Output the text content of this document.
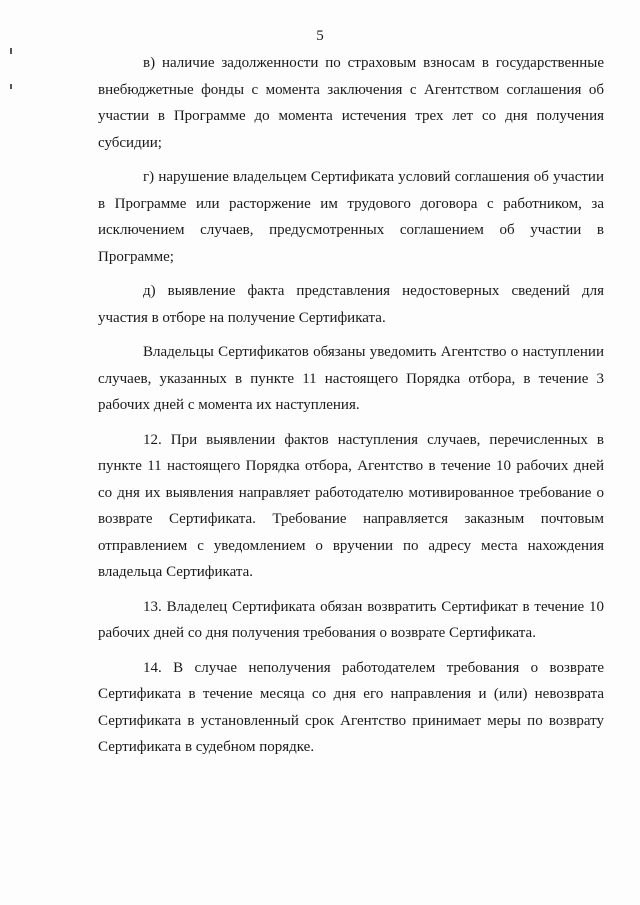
5

в) наличие задолженности по страховым взносам в государственные внебюджетные фонды с момента заключения с Агентством соглашения об участии в Программе до момента истечения трех лет со дня получения субсидии;

г) нарушение владельцем Сертификата условий соглашения об участии в Программе или расторжение им трудового договора с работником, за исключением случаев, предусмотренных соглашением об участии в Программе;

д) выявление факта представления недостоверных сведений для участия в отборе на получение Сертификата.

Владельцы Сертификатов обязаны уведомить Агентство о наступлении случаев, указанных в пункте 11 настоящего Порядка отбора, в течение 3 рабочих дней с момента их наступления.

12. При выявлении фактов наступления случаев, перечисленных в пункте 11 настоящего Порядка отбора, Агентство в течение 10 рабочих дней со дня их выявления направляет работодателю мотивированное требование о возврате Сертификата. Требование направляется заказным почтовым отправлением с уведомлением о вручении по адресу места нахождения владельца Сертификата.

13. Владелец Сертификата обязан возвратить Сертификат в течение 10 рабочих дней со дня получения требования о возврате Сертификата.

14. В случае неполучения работодателем требования о возврате Сертификата в течение месяца со дня его направления и (или) невозврата Сертификата в установленный срок Агентство принимает меры по возврату Сертификата в судебном порядке.
